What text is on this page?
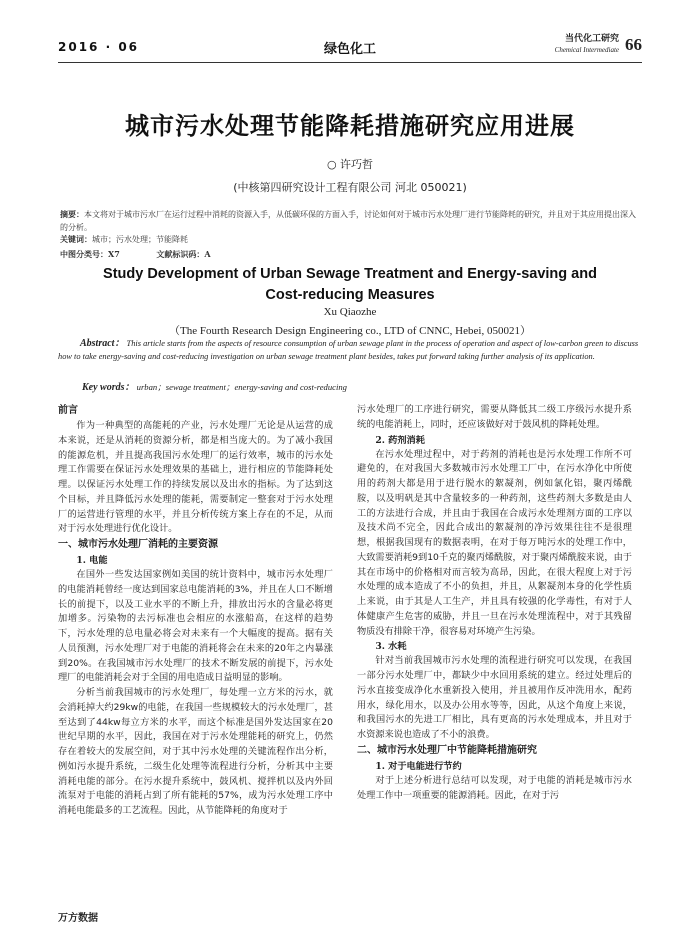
2016 · 06	绿色化工
当代化工研究
Chemical Intermediate 66
城市污水处理节能降耗措施研究应用进展
○ 许巧哲
(中核第四研究设计工程有限公司 河北 050021)
摘要：本文将对于城市污水厂在运行过程中消耗的资源入手，从低碳环保的方面入手，讨论如何对于城市污水处理厂进行节能降耗的研究，并且对于其应用提出深入的分析。
关键词：城市；污水处理；节能降耗
中图分类号：X7	文献标识码：A
Study Development of Urban Sewage Treatment and Energy-saving and Cost-reducing Measures
Xu Qiaozhe
（The Fourth Research Design Engineering co., LTD of CNNC, Hebei, 050021）
Abstract： This article starts from the aspects of resource consumption of urban sewage plant in the process of operation and aspect of low-carbon green to discuss how to take energy-saving and cost-reducing investigation on urban sewage treatment plant besides, takes put forward taking further analysis of its application.
Key words： urban；sewage treatment；energy-saving and cost-reducing
前言

作为一种典型的高能耗的产业，污水处理厂无论是从运营的成本来说，还是从消耗的资源分析，都是相当庞大的。为了减小我国的能源危机，并且提高我国污水处理厂的运行效率，城市的污水处理工作需要在保证污水处理效果的基础上，进行相应的节能降耗处理。以保证污水处理工作的持续发展以及出水的指标。为了达到这个目标，并且降低污水处理的能耗，需要制定一整套对于污水处理厂的运营进行管理的水平，并且分析传统方案上存在的不足，从而对于污水处理进行优化设计。

一、城市污水处理厂消耗的主要资源
1. 电能

在国外一些发达国家例如美国的统计资料中，城市污水处理厂的电能消耗曾经一度达到国家总电能消耗的3%，并且在人口不断增长的前提下，以及工业水平的不断上升，排放出污水的含量必将更加增多。污染物的去污标准也会相应的水涨船高，在这样的趋势下，污水处理的总电量必将会对未来有一个大幅度的提高。据有关人员预测，污水处理厂对于电能的消耗将会在未来的20年之内暴涨到20%。在我国城市污水处理厂的技术不断发展的前提下，污水处理厂的电能消耗会对于全国的用电造成日益明显的影响。

分析当前我国城市的污水处理厂，每处理一立方米的污水，就会消耗掉大约29kw的电能，在我国一些规模较大的污水处理厂，甚至达到了44kw每立方米的水平，而这个标准是国外发达国家在20世纪早期的水平，因此，我国在对于污水处理能耗的研究上，仍然存在着较大的发展空间，对于其中污水处理的关键流程作出分析，例如污水提升系统，二级生化处理等流程进行分析，分析其中主要消耗电能的部分。在污水提升系统中，鼓风机、搅拌机以及内外回流泵对于电能的消耗占到了所有能耗的57%，成为污水处理工序中消耗电能最多的工艺流程。因此，从节能降耗的角度对于

污水处理厂的工序进行研究，需要从降低其二级工序级污水提升系统的电能消耗上，同时，还应该做好对于鼓风机的降耗处理。

2. 药剂消耗

在污水处理过程中，对于药剂的消耗也是污水处理工作所不可避免的，在对我国大多数城市污水处理工厂中，在污水净化中所使用的药剂大都是用于进行脱水的絮凝剂，例如氯化铝，聚丙烯酰胺，以及明矾是其中含量较多的一种药剂，这些药剂大多数是由人工的方法进行合成，并且由于我国在合成污水处理剂方面的工序以及技术尚不完全，因此合成出的絮凝剂的净污效果往往不是很理想，根据我国现有的数据表明，在对于每万吨污水的处理工作中，大致需要消耗9到10千克的聚丙烯酰胺，对于聚丙烯酰胺来说，由于其在市场中的价格相对而言较为高昂，因此，在很大程度上对于污水处理的成本造成了不小的负担，并且，从絮凝剂本身的化学性质上来说，由于其是人工生产，并且具有较强的化学毒性，有对于人体健康产生危害的威胁，并且一旦在污水处理流程中，对于其残留物质没有排除干净，很容易对环境产生污染。

3. 水耗

针对当前我国城市污水处理的流程进行研究可以发现，在我国一部分污水处理厂中，都缺少中水回用系统的建立。经过处理后的污水直接变成净化水重新投入使用，并且被用作反冲洗用水，配药用水，绿化用水，以及办公用水等等，因此，从这个角度上来说，和我国污水的先进工厂相比，具有更高的污水处理成本，并且对于水资源来说也造成了不小的浪费。

二、城市污水处理厂中节能降耗措施研究
1. 对于电能进行节约

对于上述分析进行总结可以发现，对于电能的消耗是城市污水处理工作中一项重要的能源消耗。因此，在对于污

万方数据
